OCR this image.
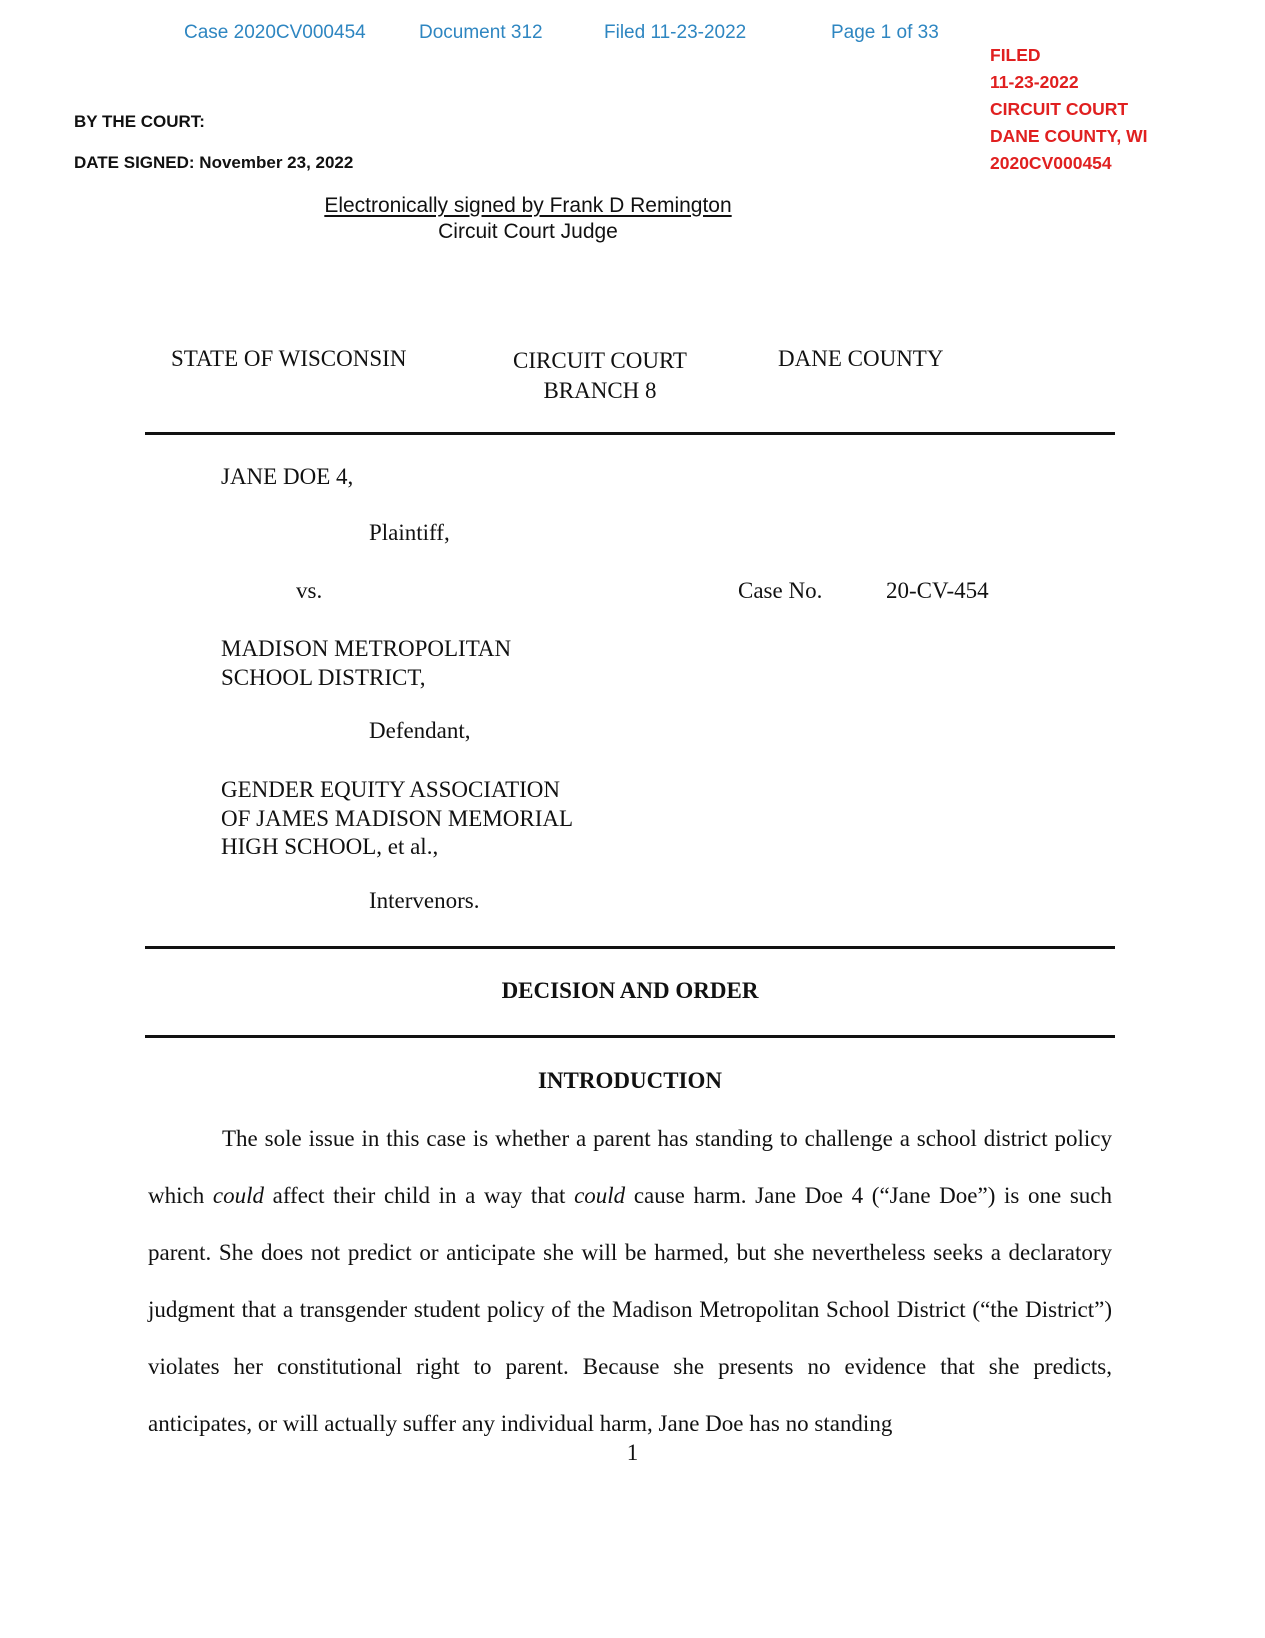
Case 2020CV000454	Document 312	Filed 11-23-2022	Page 1 of 33
FILED
11-23-2022
CIRCUIT COURT
DANE COUNTY, WI
2020CV000454
BY THE COURT:
DATE SIGNED: November 23, 2022
Electronically signed by Frank D Remington
Circuit Court Judge
STATE OF WISCONSIN	CIRCUIT COURT
BRANCH 8
DANE COUNTY
JANE DOE 4,
Plaintiff,
vs.	Case No.	20-CV-454
MADISON METROPOLITAN
SCHOOL DISTRICT,
Defendant,
GENDER EQUITY ASSOCIATION
OF JAMES MADISON MEMORIAL
HIGH SCHOOL, et al.,
Intervenors.
DECISION AND ORDER
INTRODUCTION

The sole issue in this case is whether a parent has standing to challenge a school district policy which could affect their child in a way that could cause harm. Jane Doe 4 (“Jane Doe”) is one such parent. She does not predict or anticipate she will be harmed, but she nevertheless seeks a declaratory judgment that a transgender student policy of the Madison Metropolitan School District (“the District”) violates her constitutional right to parent. Because she presents no evidence that she predicts, anticipates, or will actually suffer any individual harm, Jane Doe has no standing

1
